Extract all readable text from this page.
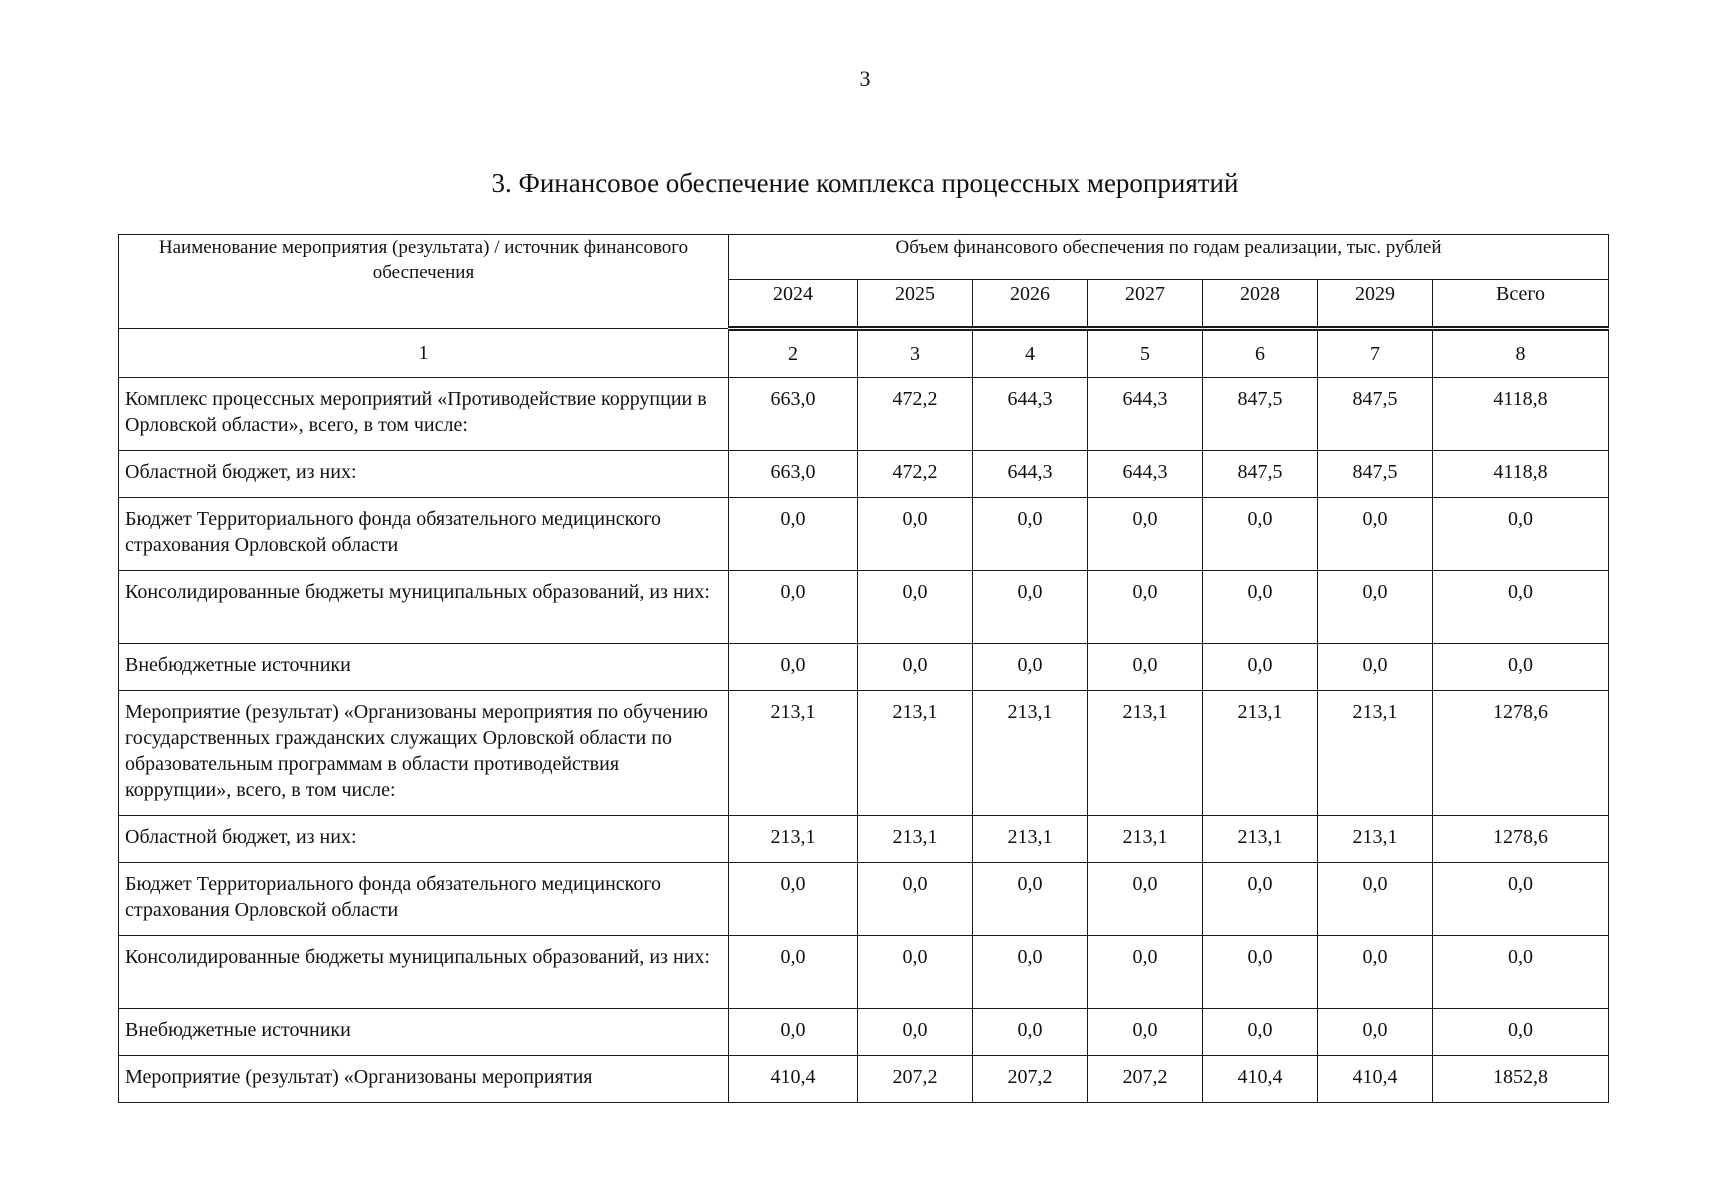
3
3. Финансовое обеспечение комплекса процессных мероприятий
Наименование мероприятия (результата) / источник финансового обеспечения	Объем финансового обеспечения по годам реализации, тыс. рублей						
	2024	2025	2026	2027	2028	2029	Всего
1	2	3	4	5	6	7	8
Комплекс процессных мероприятий «Противодействие коррупции в Орловской области», всего, в том числе:	663,0	472,2	644,3	644,3	847,5	847,5	4118,8
Областной бюджет, из них:	663,0	472,2	644,3	644,3	847,5	847,5	4118,8
Бюджет Территориального фонда обязательного медицинского страхования Орловской области	0,0	0,0	0,0	0,0	0,0	0,0	0,0
Консолидированные бюджеты муниципальных образований, из них:	0,0	0,0	0,0	0,0	0,0	0,0	0,0
Внебюджетные источники	0,0	0,0	0,0	0,0	0,0	0,0	0,0
Мероприятие (результат) «Организованы мероприятия по обучению государственных гражданских служащих Орловской области по образовательным программам в области противодействия коррупции», всего, в том числе:	213,1	213,1	213,1	213,1	213,1	213,1	1278,6
Областной бюджет, из них:	213,1	213,1	213,1	213,1	213,1	213,1	1278,6
Бюджет Территориального фонда обязательного медицинского страхования Орловской области	0,0	0,0	0,0	0,0	0,0	0,0	0,0
Консолидированные бюджеты муниципальных образований, из них:	0,0	0,0	0,0	0,0	0,0	0,0	0,0
Внебюджетные источники	0,0	0,0	0,0	0,0	0,0	0,0	0,0
Мероприятие (результат) «Организованы мероприятия	410,4	207,2	207,2	207,2	410,4	410,4	1852,8
